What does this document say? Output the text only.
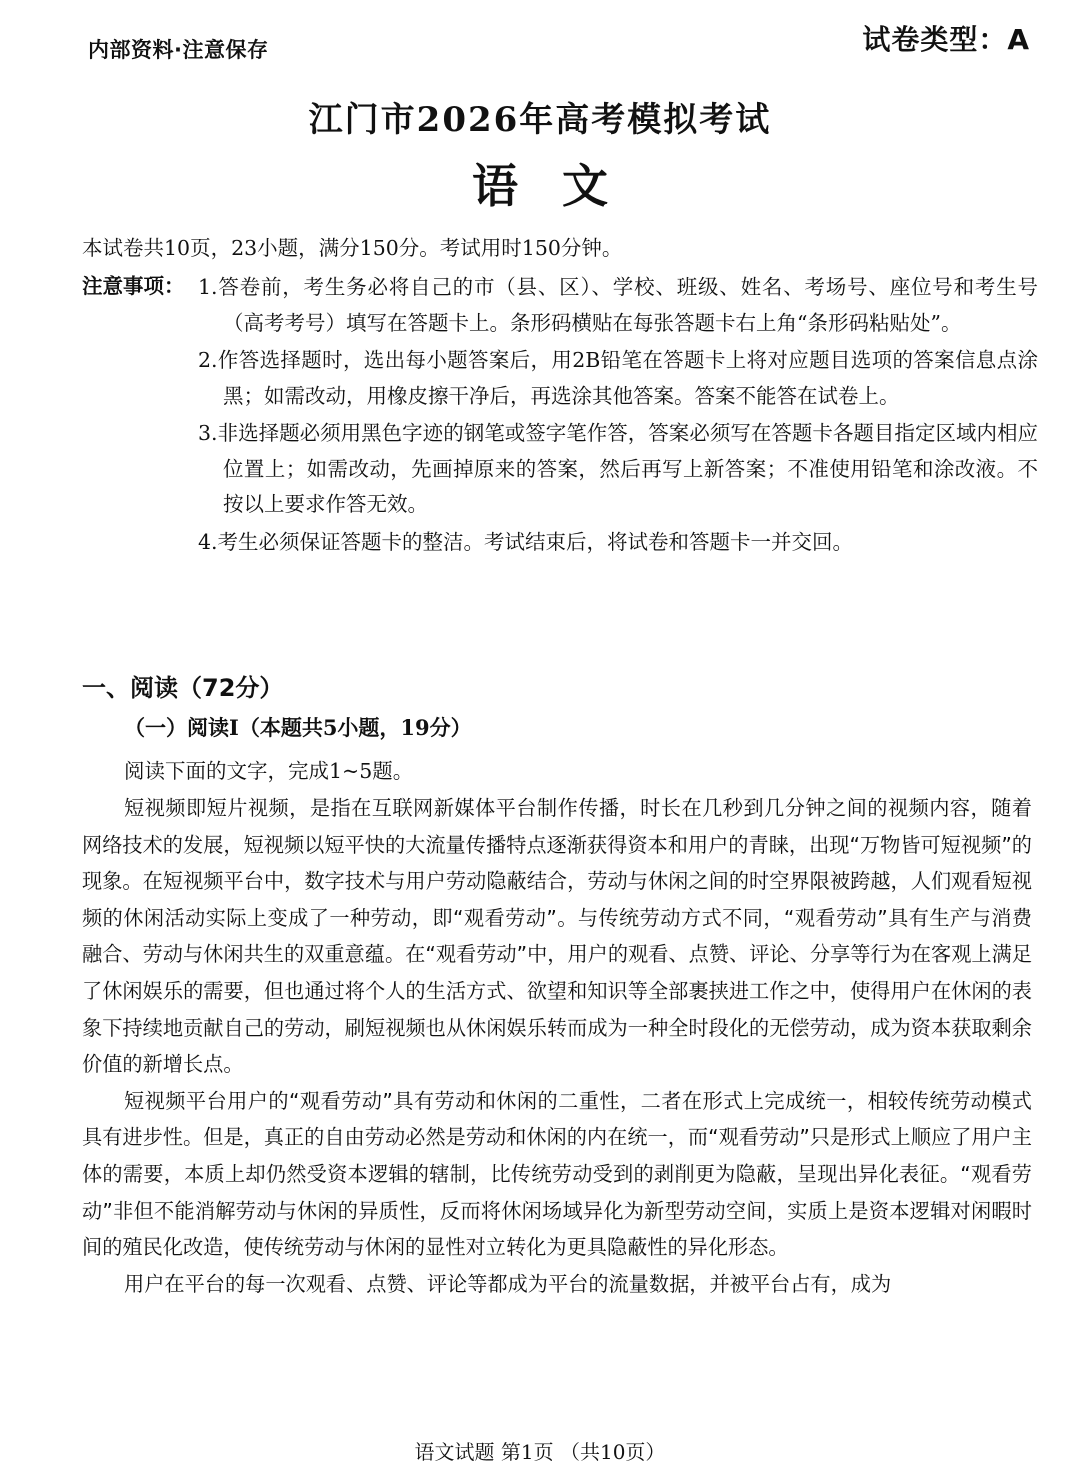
内部资料·注意保存	试卷类型：A
江门市2026年高考模拟考试
语文
本试卷共10页，23小题，满分150分。考试用时150分钟。
注意事项： 1.答卷前，考生务必将自己的市（县、区）、学校、班级、姓名、考场号、座位号和考生号（高考考号）填写在答题卡上。条形码横贴在每张答题卡右上角“条形码粘贴处”。
2.作答选择题时，选出每小题答案后，用2B铅笔在答题卡上将对应题目选项的答案信息点涂黑；如需改动，用橡皮擦干净后，再选涂其他答案。答案不能答在试卷上。
3.非选择题必须用黑色字迹的钢笔或签字笔作答，答案必须写在答题卡各题目指定区域内相应位置上；如需改动，先画掉原来的答案，然后再写上新答案；不准使用铅笔和涂改液。不按以上要求作答无效。
4.考生必须保证答题卡的整洁。考试结束后，将试卷和答题卡一并交回。
一、阅读（72分）
（一）阅读Ⅰ（本题共5小题，19分）
阅读下面的文字，完成1~5题。

短视频即短片视频，是指在互联网新媒体平台制作传播，时长在几秒到几分钟之间的视频内容，随着网络技术的发展，短视频以短平快的大流量传播特点逐渐获得资本和用户的青睐，出现“万物皆可短视频”的现象。在短视频平台中，数字技术与用户劳动隐蔽结合，劳动与休闲之间的时空界限被跨越，人们观看短视频的休闲活动实际上变成了一种劳动，即“观看劳动”。与传统劳动方式不同，“观看劳动”具有生产与消费融合、劳动与休闲共生的双重意蕴。在“观看劳动”中，用户的观看、点赞、评论、分享等行为在客观上满足了休闲娱乐的需要，但也通过将个人的生活方式、欲望和知识等全部裹挟进工作之中，使得用户在休闲的表象下持续地贡献自己的劳动，刷短视频也从休闲娱乐转而成为一种全时段化的无偿劳动，成为资本获取剩余价值的新增长点。

短视频平台用户的“观看劳动”具有劳动和休闲的二重性，二者在形式上完成统一，相较传统劳动模式具有进步性。但是，真正的自由劳动必然是劳动和休闲的内在统一，而“观看劳动”只是形式上顺应了用户主体的需要，本质上却仍然受资本逻辑的辖制，比传统劳动受到的剥削更为隐蔽，呈现出异化表征。“观看劳动”非但不能消解劳动与休闲的异质性，反而将休闲场域异化为新型劳动空间，实质上是资本逻辑对闲暇时间的殖民化改造，使传统劳动与休闲的显性对立转化为更具隐蔽性的异化形态。

用户在平台的每一次观看、点赞、评论等都成为平台的流量数据，并被平台占有，成为

语文试题 第1页 （共10页）
